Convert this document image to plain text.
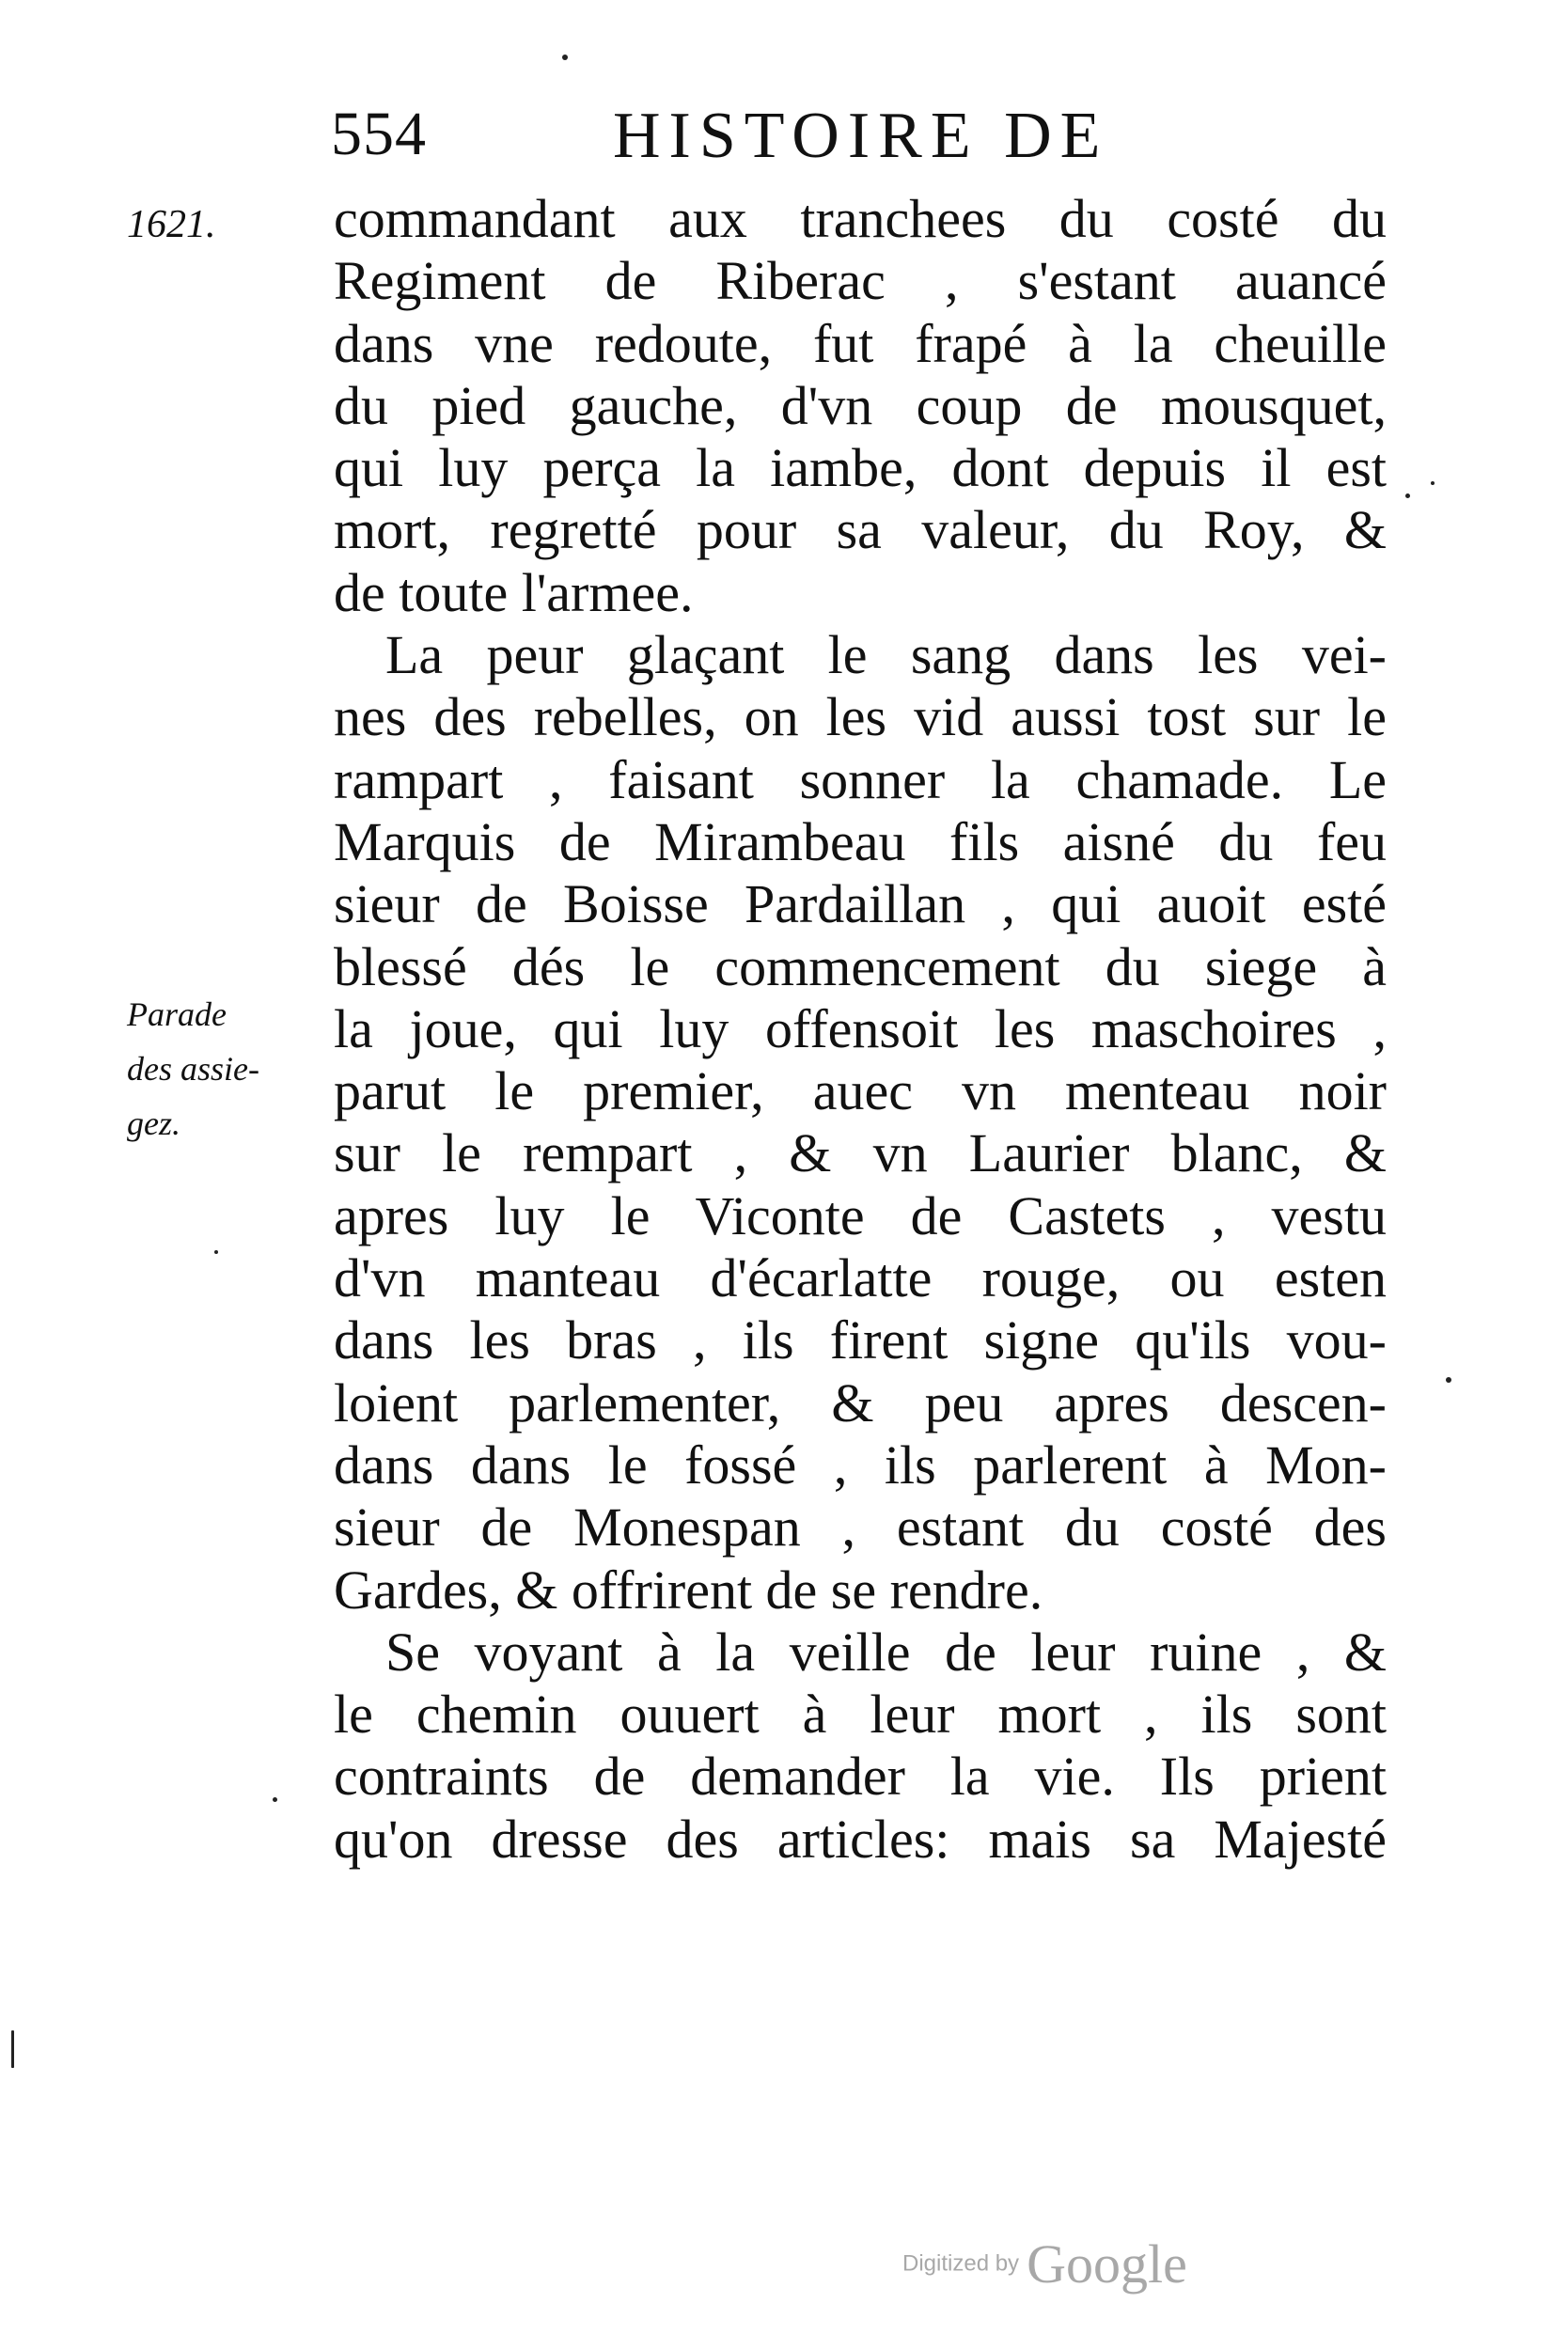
554	HISTOIRE DE
1621.
Parade
des assie-
gez.
commandant aux tranchees du costé du
Regiment de Riberac , s'estant auancé
dans vne redoute, fut frapé à la cheuille
du pied gauche, d'vn coup de mousquet,
qui luy perça la iambe, dont depuis il est
mort, regretté pour sa valeur, du Roy, &
de toute l'armee.
La peur glaçant le sang dans les vei-
nes des rebelles, on les vid aussi tost sur le
rampart , faisant sonner la chamade. Le
Marquis de Mirambeau fils aisné du feu
sieur de Boisse Pardaillan , qui auoit esté
blessé dés le commencement du siege à
la joue, qui luy offensoit les maschoires ,
parut le premier, auec vn menteau noir
sur le rempart , & vn Laurier blanc, &
apres luy le Viconte de Castets , vestu
d'vn manteau d'écarlatte rouge, ou esten
dans les bras , ils firent signe qu'ils vou-
loient parlementer, & peu apres descen-
dans dans le fossé , ils parlerent à Mon-
sieur de Monespan , estant du costé des
Gardes, & offrirent de se rendre.
Se voyant à la veille de leur ruine , &
le chemin ouuert à leur mort , ils sont
contraints de demander la vie. Ils prient
qu'on dresse des articles: mais sa Majesté
Digitized by Google
